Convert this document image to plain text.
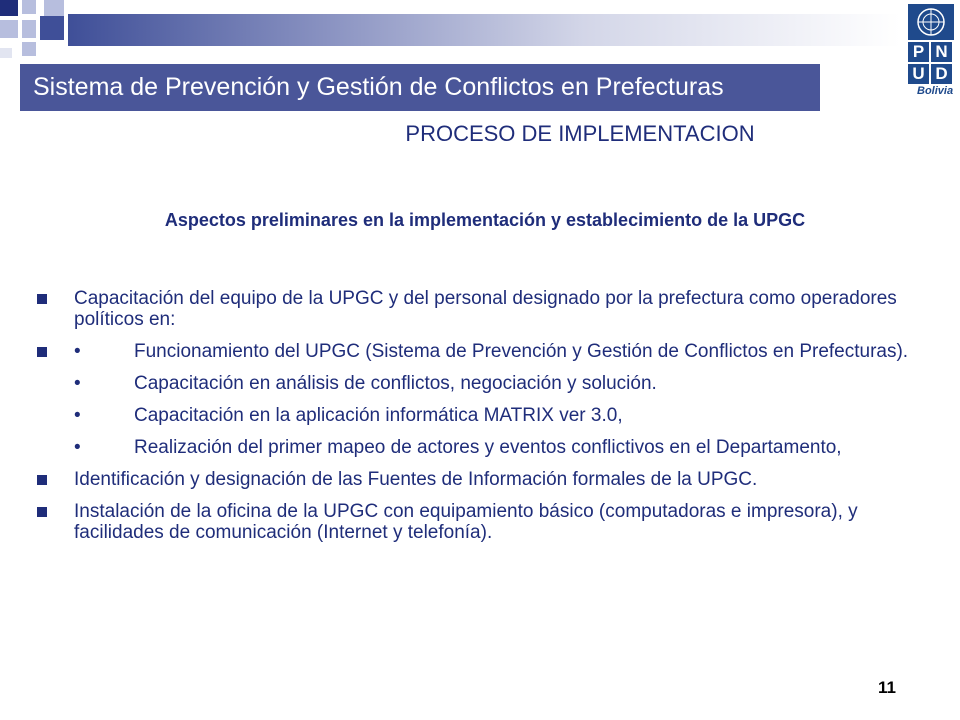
P N
U D
Bolivia
Sistema de Prevención y Gestión de Conflictos en Prefecturas
PROCESO DE IMPLEMENTACION
Aspectos preliminares en la implementación y establecimiento de la UPGC
Capacitación del equipo de la UPGC y del personal designado por la prefectura como operadores políticos en:
•	Funcionamiento del UPGC (Sistema de Prevención y Gestión de Conflictos en Prefecturas).
•	Capacitación en análisis de conflictos, negociación y solución.
•	Capacitación en la aplicación informática MATRIX ver 3.0,
•	Realización del primer mapeo de actores y eventos conflictivos en el Departamento,
Identificación y designación de las Fuentes de Información formales de la UPGC.
Instalación de la oficina de la UPGC con equipamiento básico (computadoras e impresora), y facilidades de comunicación (Internet y telefonía).
11
